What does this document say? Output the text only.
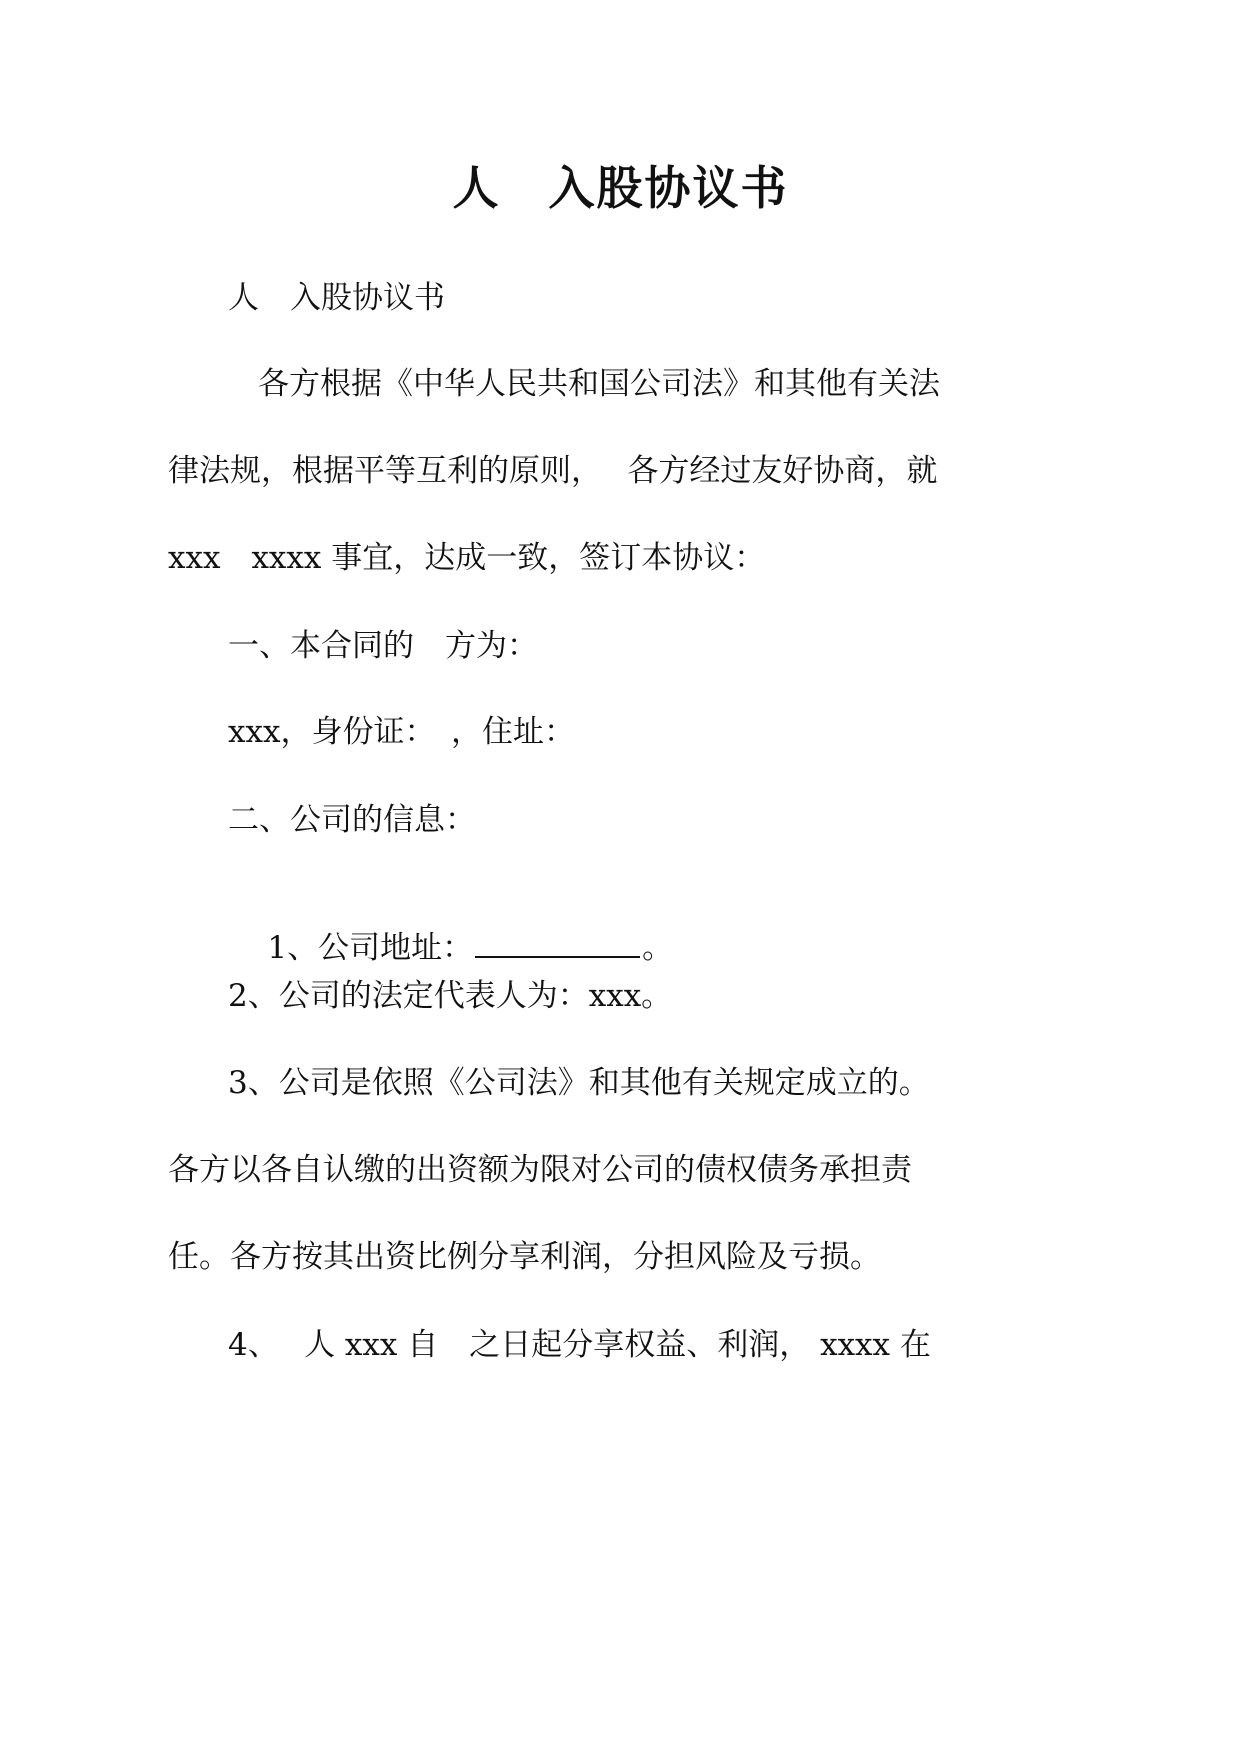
人　入股协议书
人　入股协议书
各方根据《中华人民共和国公司法》和其他有关法
律法规，根据平等互利的原则，　 各方经过友好协商，就
xxx　xxxx 事宜，达成一致，签订本协议：
一、本合同的　方为：
xxx，身份证：　，住址：
二、公司的信息：

1、公司地址：	。

2、公司的法定代表人为：xxx。
3、公司是依照《公司法》和其他有关规定成立的。
各方以各自认缴的出资额为限对公司的债权债务承担责
任。各方按其出资比例分享利润，分担风险及亏损。
4、　 人 xxx 自　之日起分享权益、利润， xxxx 在
